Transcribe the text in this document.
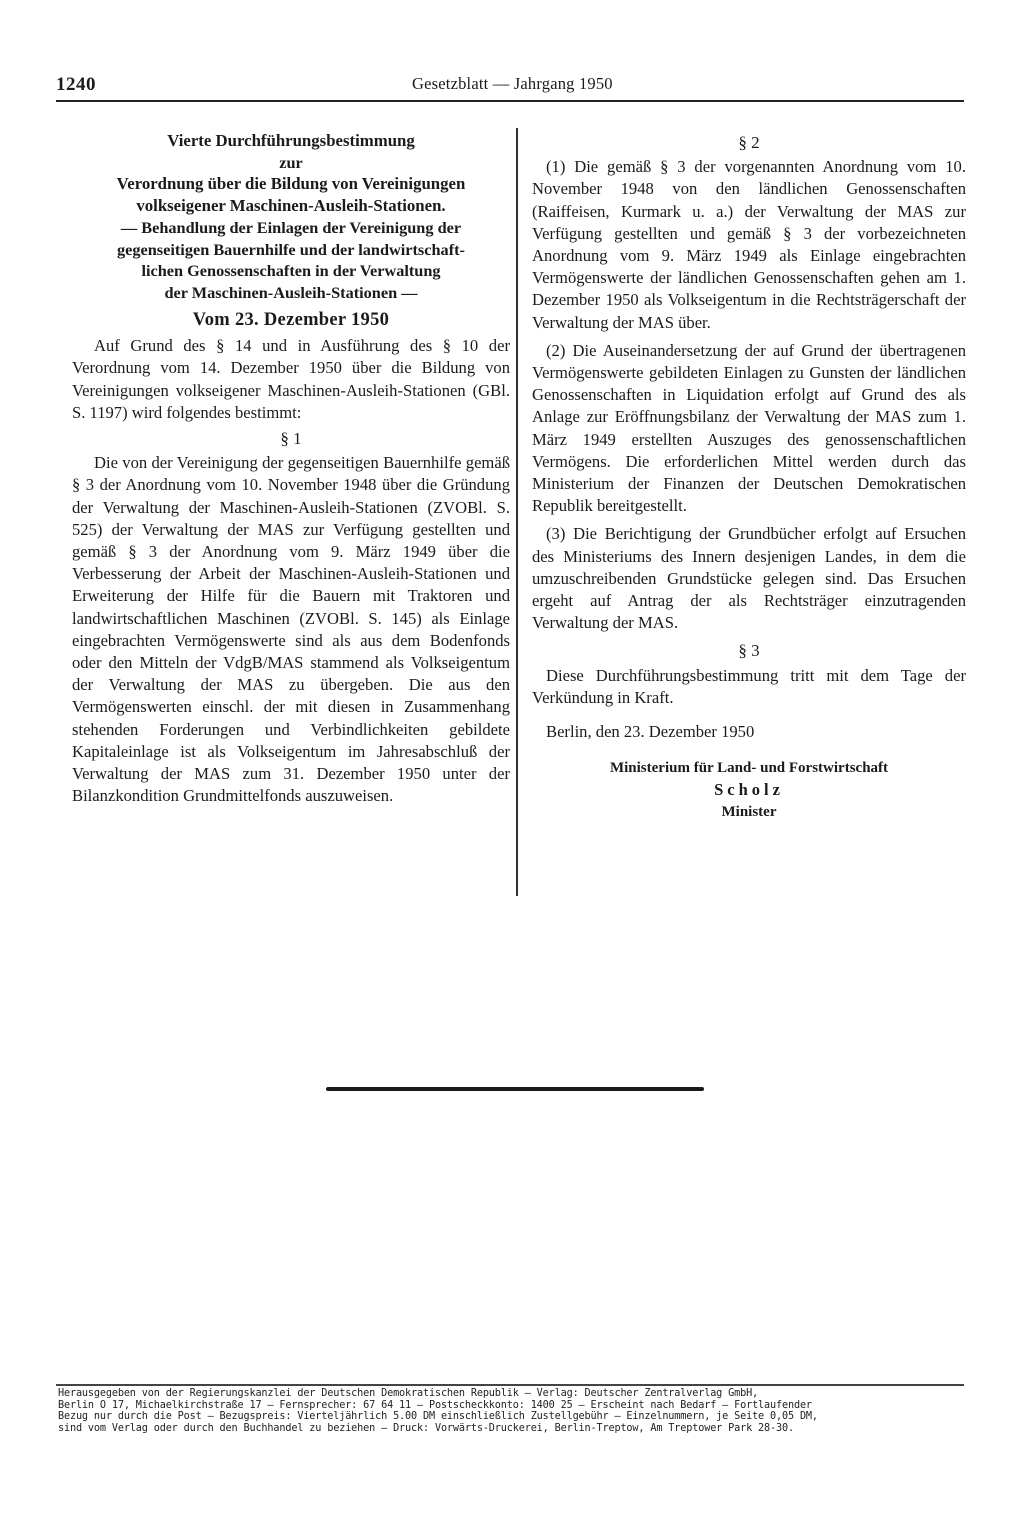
1240	Gesetzblatt — Jahrgang 1950
Vierte Durchführungsbestimmung
zur
Verordnung über die Bildung von Vereinigungen
volkseigener Maschinen-Ausleih-Stationen.
— Behandlung der Einlagen der Vereinigung der
gegenseitigen Bauernhilfe und der landwirtschaft-
lichen Genossenschaften in der Verwaltung
der Maschinen-Ausleih-Stationen —
Vom 23. Dezember 1950

Auf Grund des § 14 und in Ausführung des § 10 der Verordnung vom 14. Dezember 1950 über die Bildung von Vereinigungen volkseigener Maschinen-Ausleih-Stationen (GBl. S. 1197) wird folgendes bestimmt:

§ 1

Die von der Vereinigung der gegenseitigen Bauernhilfe gemäß § 3 der Anordnung vom 10. November 1948 über die Gründung der Verwaltung der Maschinen-Ausleih-Stationen (ZVOBl. S. 525) der Verwaltung der MAS zur Verfügung gestellten und gemäß § 3 der Anordnung vom 9. März 1949 über die Verbesserung der Arbeit der Maschinen-Ausleih-Stationen und Erweiterung der Hilfe für die Bauern mit Traktoren und landwirtschaftlichen Maschinen (ZVOBl. S. 145) als Einlage eingebrachten Vermögenswerte sind als aus dem Bodenfonds oder den Mitteln der VdgB/MAS stammend als Volkseigentum der Verwaltung der MAS zu übergeben. Die aus den Vermögenswerten einschl. der mit diesen in Zusammenhang stehenden Forderungen und Verbindlichkeiten gebildete Kapitaleinlage ist als Volkseigentum im Jahresabschluß der Verwaltung der MAS zum 31. Dezember 1950 unter der Bilanzkondition Grundmittelfonds auszuweisen.

§ 2

(1) Die gemäß § 3 der vorgenannten Anordnung vom 10. November 1948 von den ländlichen Genossenschaften (Raiffeisen, Kurmark u. a.) der Verwaltung der MAS zur Verfügung gestellten und gemäß § 3 der vorbezeichneten Anordnung vom 9. März 1949 als Einlage eingebrachten Vermögenswerte der ländlichen Genossenschaften gehen am 1. Dezember 1950 als Volkseigentum in die Rechtsträgerschaft der Verwaltung der MAS über.

(2) Die Auseinandersetzung der auf Grund der übertragenen Vermögenswerte gebildeten Einlagen zu Gunsten der ländlichen Genossenschaften in Liquidation erfolgt auf Grund des als Anlage zur Eröffnungsbilanz der Verwaltung der MAS zum 1. März 1949 erstellten Auszuges des genossenschaftlichen Vermögens. Die erforderlichen Mittel werden durch das Ministerium der Finanzen der Deutschen Demokratischen Republik bereitgestellt.

(3) Die Berichtigung der Grundbücher erfolgt auf Ersuchen des Ministeriums des Innern desjenigen Landes, in dem die umzuschreibenden Grundstücke gelegen sind. Das Ersuchen ergeht auf Antrag der als Rechtsträger einzutragenden Verwaltung der MAS.

§ 3

Diese Durchführungsbestimmung tritt mit dem Tage der Verkündung in Kraft.

Berlin, den 23. Dezember 1950

Ministerium für Land- und Forstwirtschaft
Scholz
Minister
Herausgegeben von der Regierungskanzlei der Deutschen Demokratischen Republik — Verlag: Deutscher Zentralverlag GmbH,
Berlin O 17, Michaelkirchstraße 17 — Fernsprecher: 67 64 11 — Postscheckkonto: 1400 25 — Erscheint nach Bedarf — Fortlaufender
Bezug nur durch die Post — Bezugspreis: Vierteljährlich 5.00 DM einschließlich Zustellgebühr — Einzelnummern, je Seite 0,05 DM,
sind vom Verlag oder durch den Buchhandel zu beziehen — Druck: Vorwärts-Druckerei, Berlin-Treptow, Am Treptower Park 28-30.
